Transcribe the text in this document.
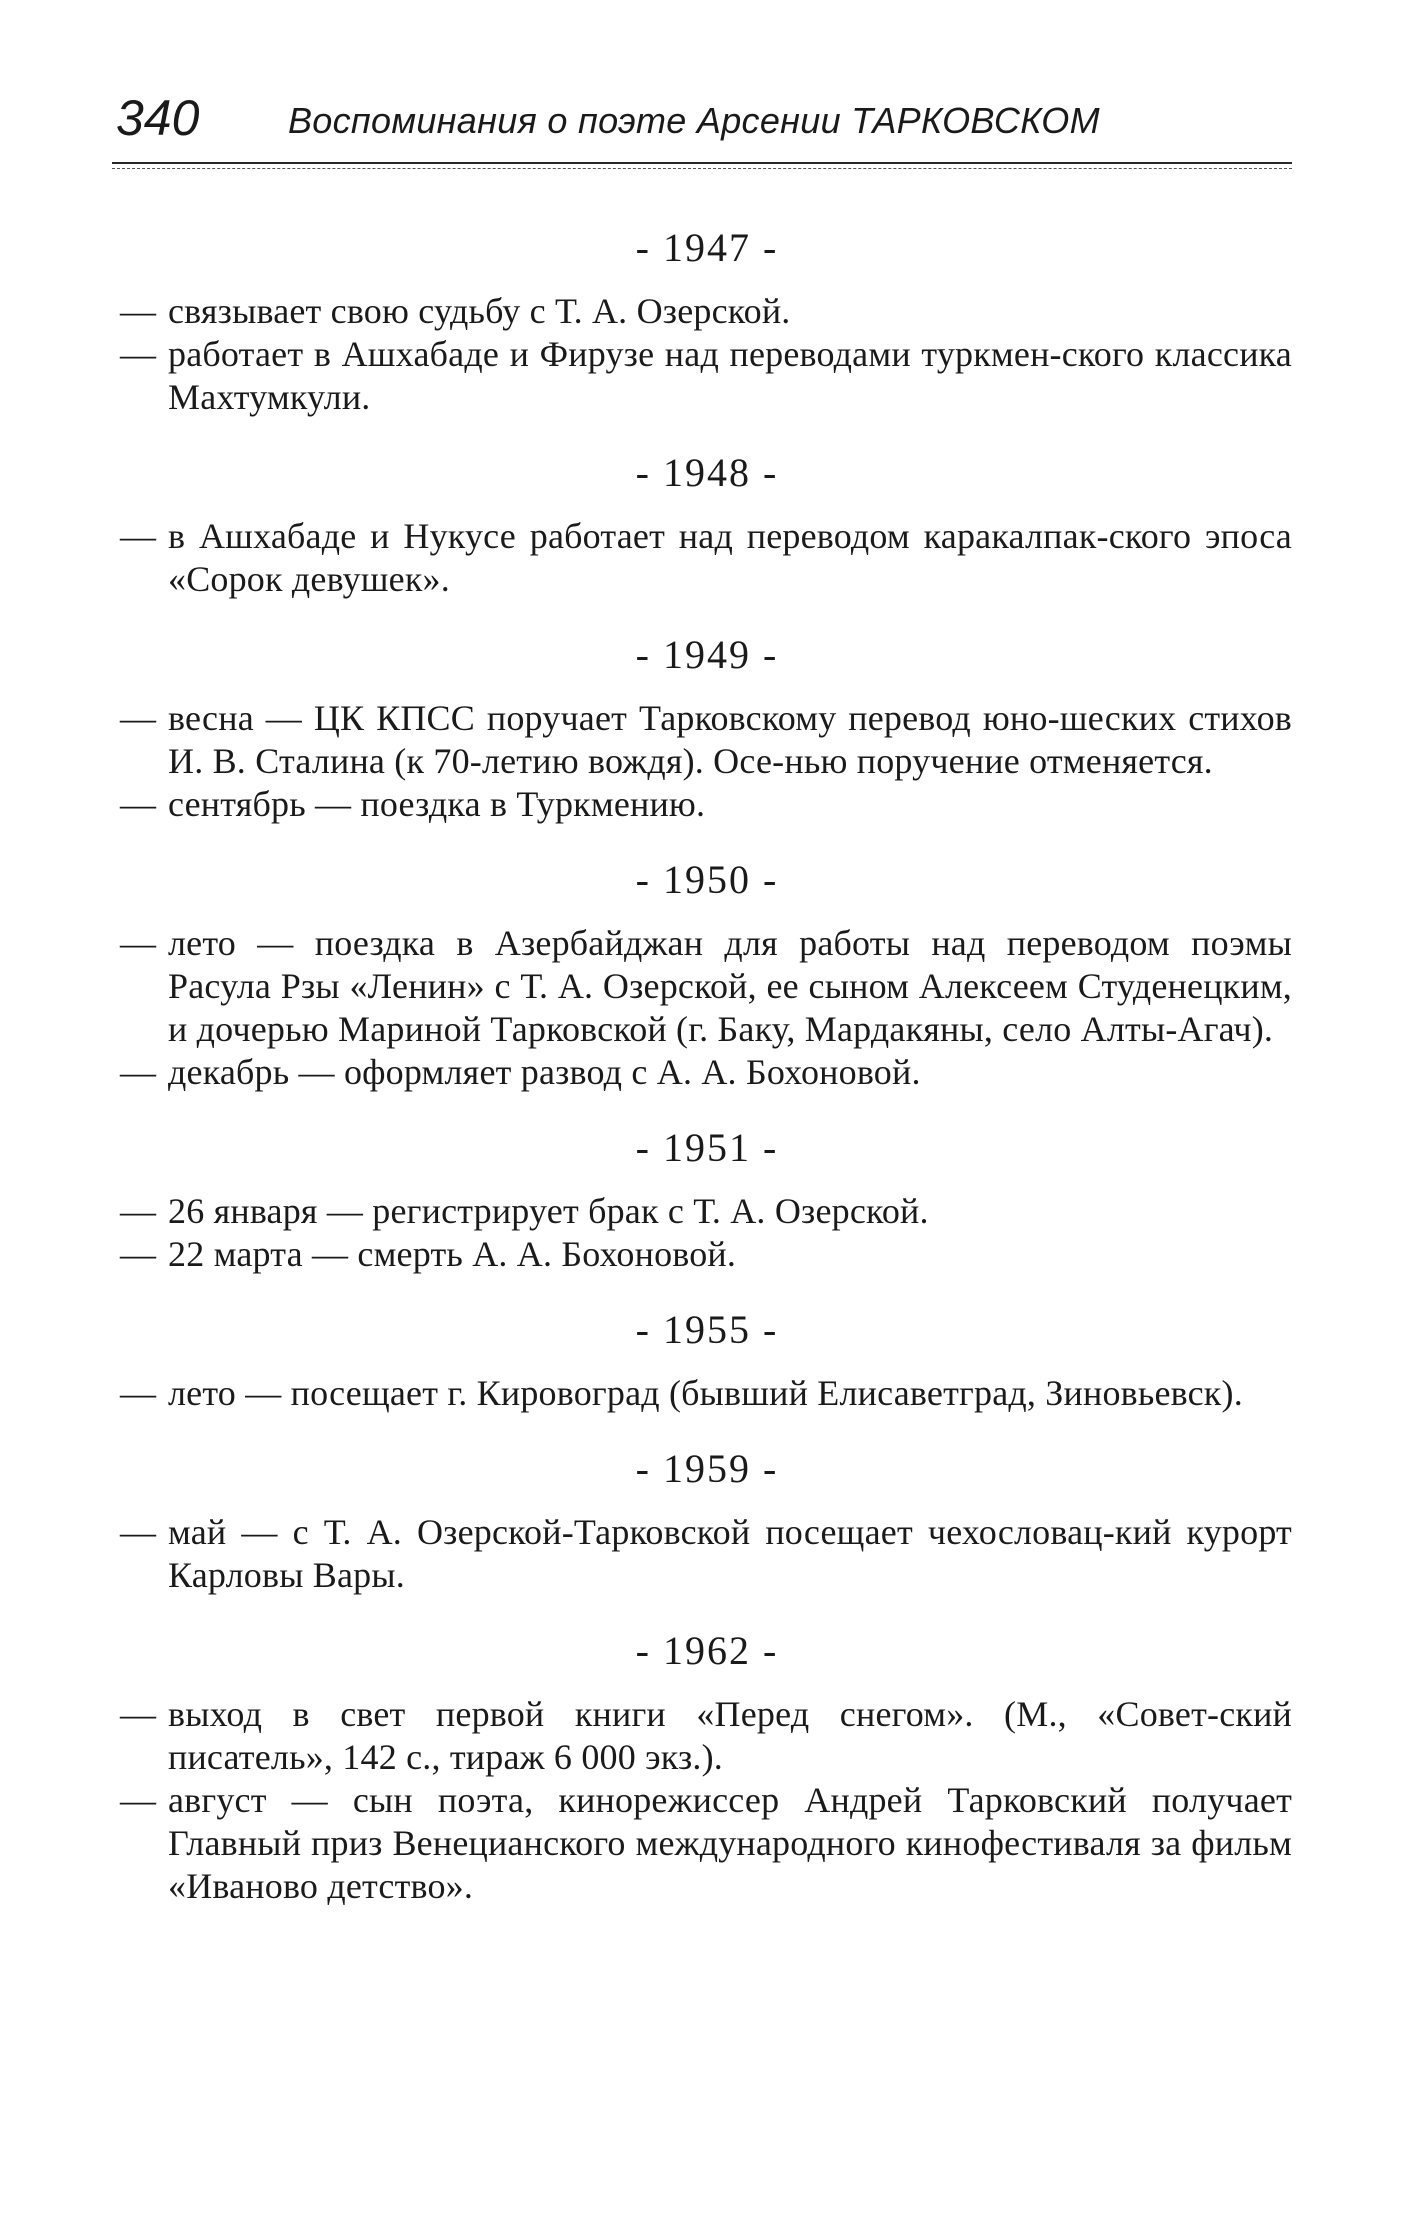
340 Воспоминания о поэте Арсении ТАРКОВСКОМ
- 1947 -
— связывает свою судьбу с Т. А. Озерской.
— работает в Ашхабаде и Фирузе над переводами туркмен-ского классика Махтумкули.
- 1948 -
— в Ашхабаде и Нукусе работает над переводом каракалпак-ского эпоса «Сорок девушек».
- 1949 -
— весна — ЦК КПСС поручает Тарковскому перевод юно-шеских стихов И. В. Сталина (к 70-летию вождя). Осе-нью поручение отменяется.
— сентябрь — поездка в Туркмению.
- 1950 -
— лето — поездка в Азербайджан для работы над переводом поэмы Расула Рзы «Ленин» с Т. А. Озерской, ее сыном Алексеем Студенецким, и дочерью Мариной Тарковской (г. Баку, Мардакяны, село Алты-Агач).
— декабрь — оформляет развод с А. А. Бохоновой.
- 1951 -
— 26 января — регистрирует брак с Т. А. Озерской.
— 22 марта — смерть А. А. Бохоновой.
- 1955 -
— лето — посещает г. Кировоград (бывший Елисаветград, Зиновьевск).
- 1959 -
— май — с Т. А. Озерской-Тарковской посещает чехословац-кий курорт Карловы Вары.
- 1962 -
— выход в свет первой книги «Перед снегом». (М., «Совет-ский писатель», 142 с., тираж 6 000 экз.).
— август — сын поэта, кинорежиссер Андрей Тарковский получает Главный приз Венецианского международного кинофестиваля за фильм «Иваново детство».
